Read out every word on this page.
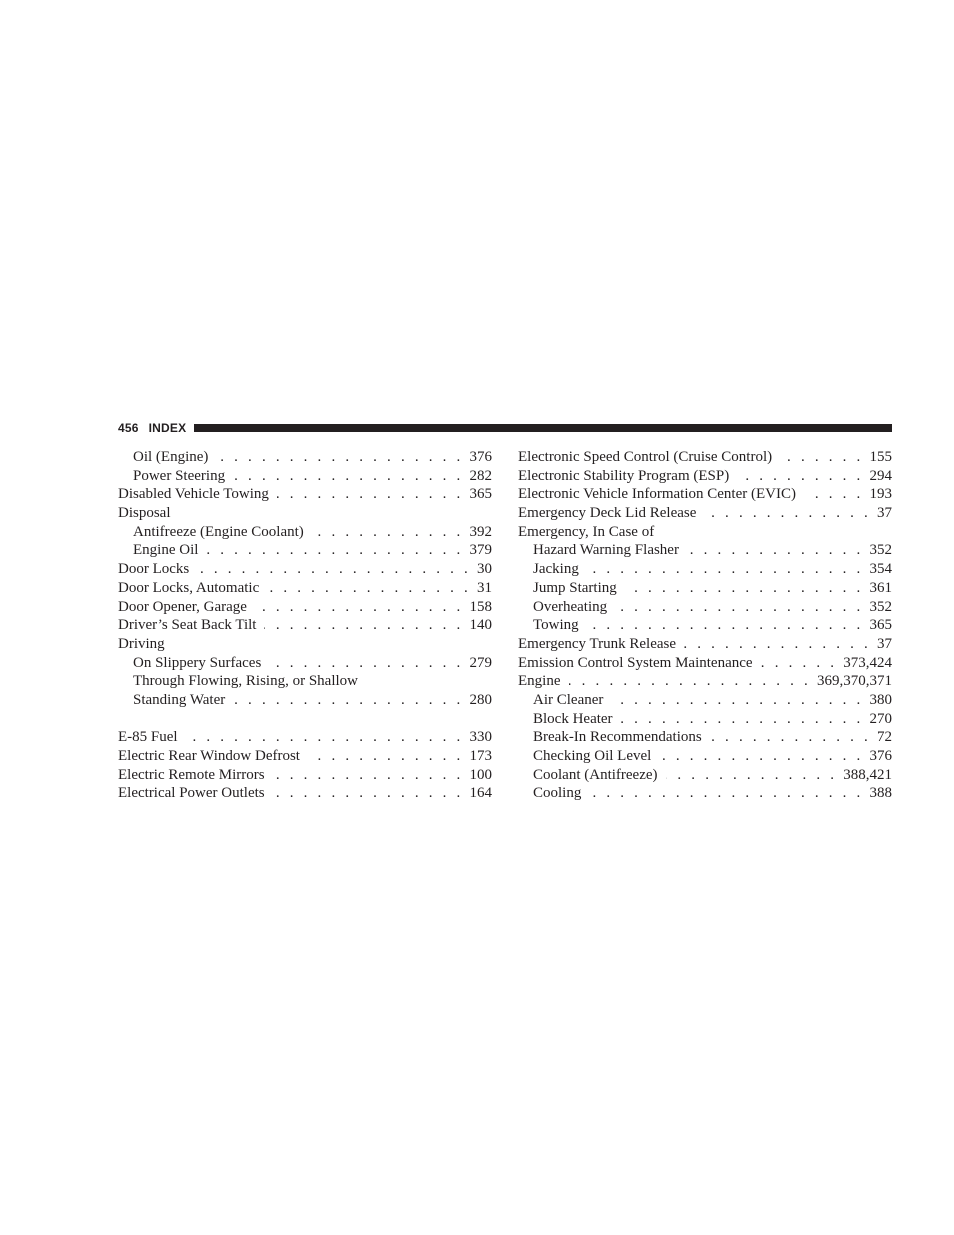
456 INDEX
Oil (Engine) . . .	376
Power Steering . . .	282
Disabled Vehicle Towing . . .	365
Disposal
Antifreeze (Engine Coolant) . . .	392
Engine Oil . . .	379
Door Locks . . .	30
Door Locks, Automatic . . .	31
Door Opener, Garage . . .	158
Driver’s Seat Back Tilt . . .	140
Driving
On Slippery Surfaces . . .	279
Through Flowing, Rising, or Shallow
Standing Water . . .	280
E-85 Fuel . . .	330
Electric Rear Window Defrost . . .	173
Electric Remote Mirrors . . .	100
Electrical Power Outlets . . .	164
Electronic Speed Control (Cruise Control) . . .	155
Electronic Stability Program (ESP) . . .	294
Electronic Vehicle Information Center (EVIC) . . .	193
Emergency Deck Lid Release . . .	37
Emergency, In Case of
Hazard Warning Flasher . . .	352
Jacking . . .	354
Jump Starting . . .	361
Overheating . . .	352
Towing . . .	365
Emergency Trunk Release . . .	37
Emission Control System Maintenance . . .	373,424
Engine . . .	369,370,371
Air Cleaner . . .	380
Block Heater . . .	270
Break-In Recommendations . . .	72
Checking Oil Level . . .	376
Coolant (Antifreeze) . . .	388,421
Cooling . . .	388
